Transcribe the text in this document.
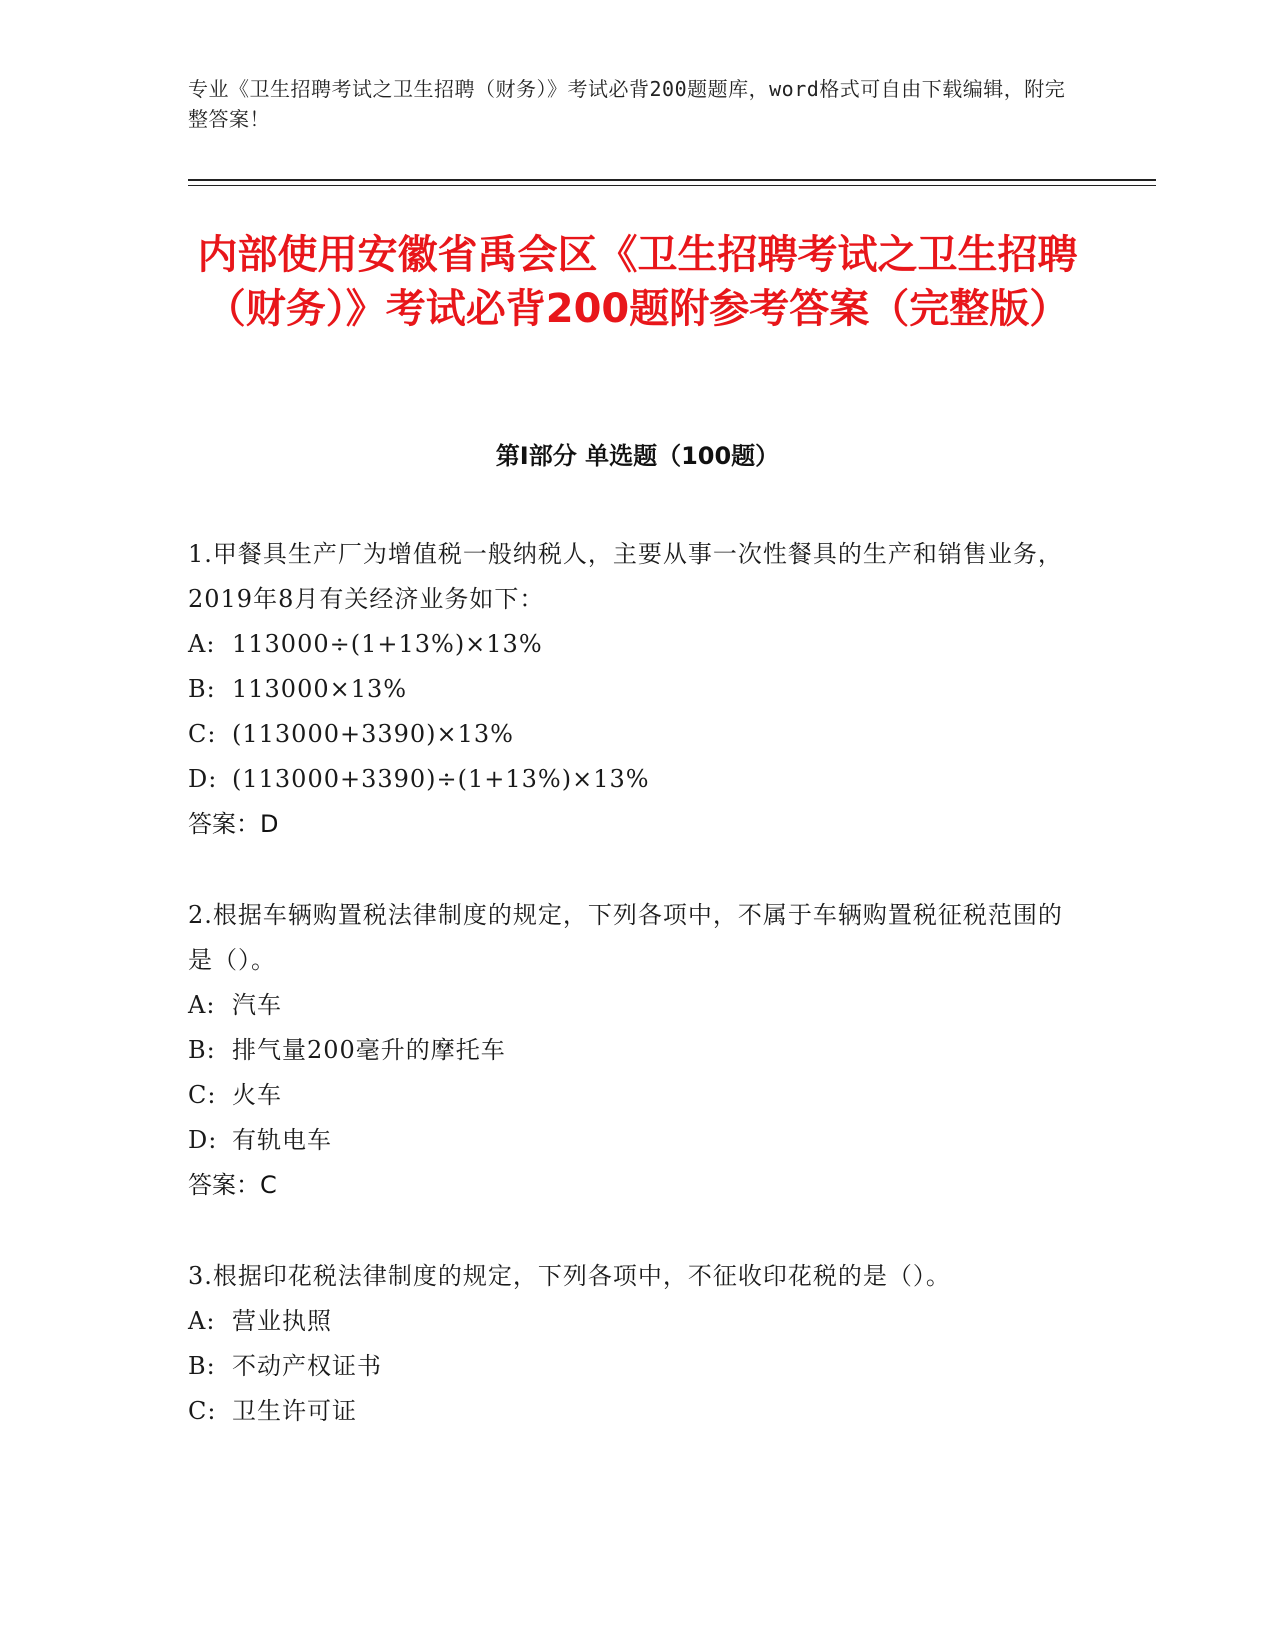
专业《卫生招聘考试之卫生招聘（财务）》考试必背200题题库，word格式可自由下载编辑，附完整答案！
内部使用安徽省禹会区《卫生招聘考试之卫生招聘（财务）》考试必背200题附参考答案（完整版）
第Ⅰ部分 单选题（100题）

1.甲餐具生产厂为增值税一般纳税人，主要从事一次性餐具的生产和销售业务，2019年8月有关经济业务如下：

A: 113000÷(1+13%)×13%
B: 113000×13%
C: (113000+3390)×13%
D: (113000+3390)÷(1+13%)×13%
答案：D

2.根据车辆购置税法律制度的规定，下列各项中，不属于车辆购置税征税范围的是（）。

A: 汽车
B: 排气量200毫升的摩托车
C: 火车
D: 有轨电车
答案：C

3.根据印花税法律制度的规定，下列各项中，不征收印花税的是（）。

A: 营业执照
B: 不动产权证书
C: 卫生许可证
